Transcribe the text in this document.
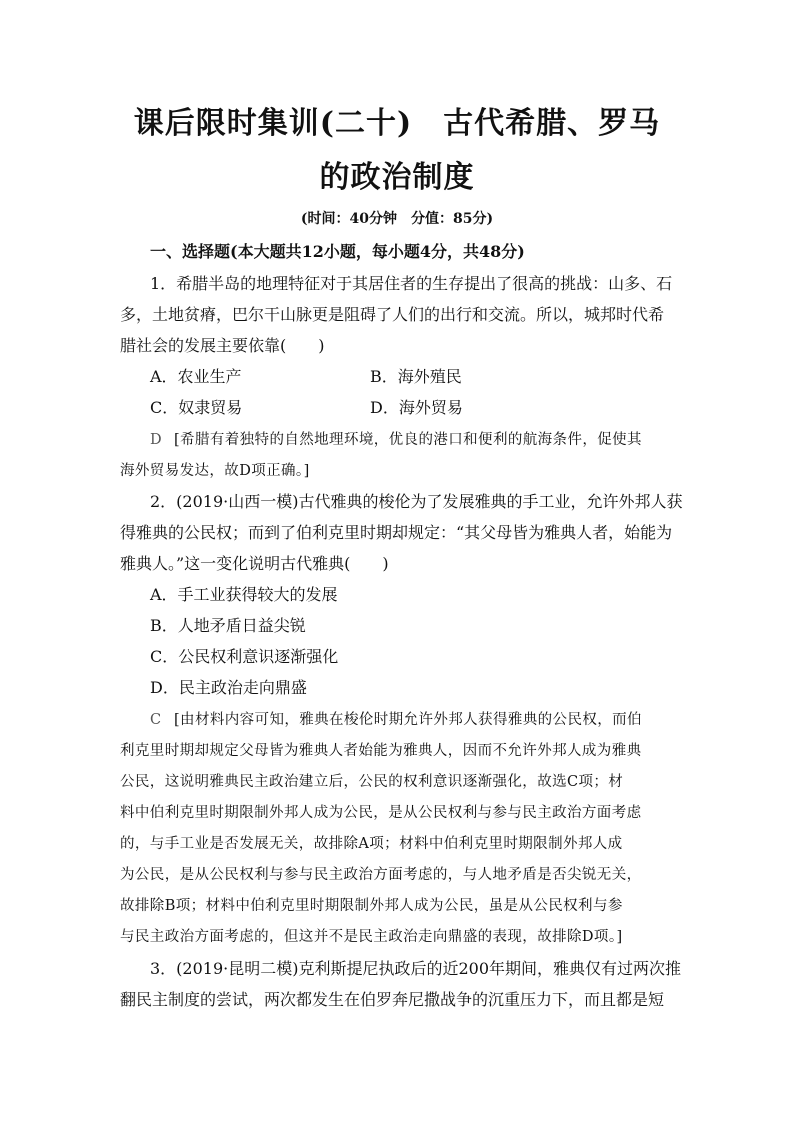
课后限时集训(二十)　古代希腊、罗马
的政治制度
(时间：40分钟　分值：85分)
一、选择题(本大题共12小题，每小题4分，共48分)
1．希腊半岛的地理特征对于其居住者的生存提出了很高的挑战：山多、石
多，土地贫瘠，巴尔干山脉更是阻碍了人们的出行和交流。所以，城邦时代希
腊社会的发展主要依靠(　　)
A．农业生产	B．海外殖民
C．奴隶贸易	D．海外贸易
D [希腊有着独特的自然地理环境，优良的港口和便利的航海条件，促使其
海外贸易发达，故D项正确。]
2．(2019·山西一模)古代雅典的梭伦为了发展雅典的手工业，允许外邦人获
得雅典的公民权；而到了伯利克里时期却规定：“其父母皆为雅典人者，始能为
雅典人。”这一变化说明古代雅典(　　)
A．手工业获得较大的发展
B．人地矛盾日益尖锐
C．公民权利意识逐渐强化
D．民主政治走向鼎盛
C [由材料内容可知，雅典在梭伦时期允许外邦人获得雅典的公民权，而伯
利克里时期却规定父母皆为雅典人者始能为雅典人，因而不允许外邦人成为雅典
公民，这说明雅典民主政治建立后，公民的权利意识逐渐强化，故选C项；材
料中伯利克里时期限制外邦人成为公民，是从公民权利与参与民主政治方面考虑
的，与手工业是否发展无关，故排除A项；材料中伯利克里时期限制外邦人成
为公民，是从公民权利与参与民主政治方面考虑的，与人地矛盾是否尖锐无关，
故排除B项；材料中伯利克里时期限制外邦人成为公民，虽是从公民权利与参
与民主政治方面考虑的，但这并不是民主政治走向鼎盛的表现，故排除D项。]
3．(2019·昆明二模)克利斯提尼执政后的近200年期间，雅典仅有过两次推
翻民主制度的尝试，两次都发生在伯罗奔尼撒战争的沉重压力下，而且都是短
